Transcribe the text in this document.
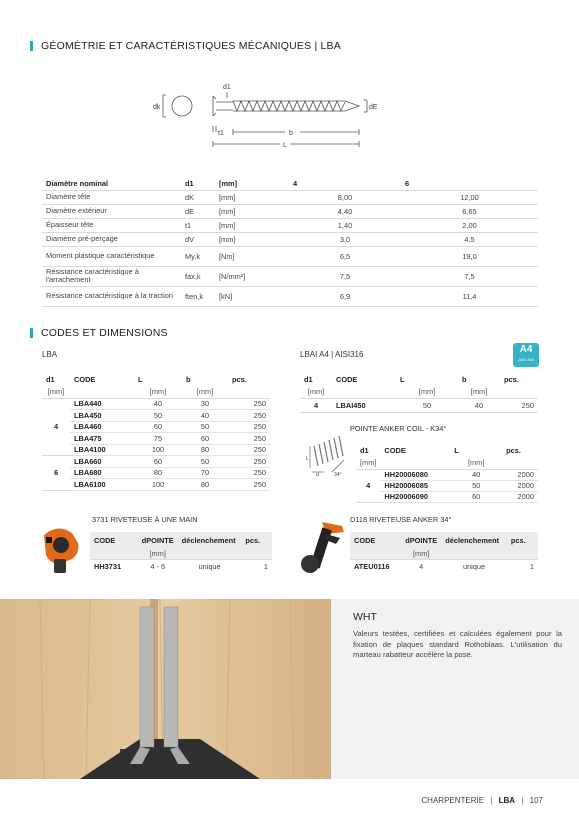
GÉOMÉTRIE ET CARACTÉRISTIQUES MÉCANIQUES | LBA
dk
d1
dE
t1	b
L
Diamètre nominal	d1	[mm]	4	6
Diamètre tête	dK	[mm]	8,00	12,00
Diamètre extérieur	dE	[mm]	4,40	6,65
Épaisseur tête	t1	[mm]	1,40	2,00
Diamètre pré-perçage	dV	[mm]	3,0	4,5
Moment plastique caractéristique	My,k	[Nm]	6,5	19,0
Résistance caractéristique à l'arrachement	fax,k	[N/mm²]	7,5	7,5
Résistance caractéristique à la traction	ften,k	[kN]	6,9	11,4
CODES ET DIMENSIONS
LBA
d1	CODE	L	b	pcs.
[mm]		[mm]	[mm]	
4	LBA440	40	30	250
	LBA450	50	40	250
	LBA460	60	50	250
	LBA475	75	60	250
	LBA4100	100	80	250
6	LBA660	60	50	250
	LBA680	80	70	250
	LBA6100	100	80	250
LBAI A4 | AISI316	A4
AISI 316
d1	CODE	L	b	pcs.
[mm]		[mm]	[mm]	
4	LBAI450	50	40	250
POINTE ANKER COIL - K34°
L
d	34°
d1	CODE	L	pcs.
[mm]		[mm]	
4	HH20006080	40	2000
	HH20006085	50	2000
	HH20006090	60	2000
3731 RIVETEUSE À UNE MAIN
CODE	dPOINTE	déclenchement	pcs.
	[mm]		
HH3731	4 - 6	unique	1
D118 RIVETEUSE ANKER 34°
CODE	dPOINTE	déclenchement	pcs.
	[mm]		
ATEU0116	4	unique	1
WHT
Valeurs testées, certifiées et calculées également pour la fixation de plaques standard Rothoblaas. L'utilisation du marteau rabatteur accélère la pose.
CHARPENTERIE | LBA | 107
